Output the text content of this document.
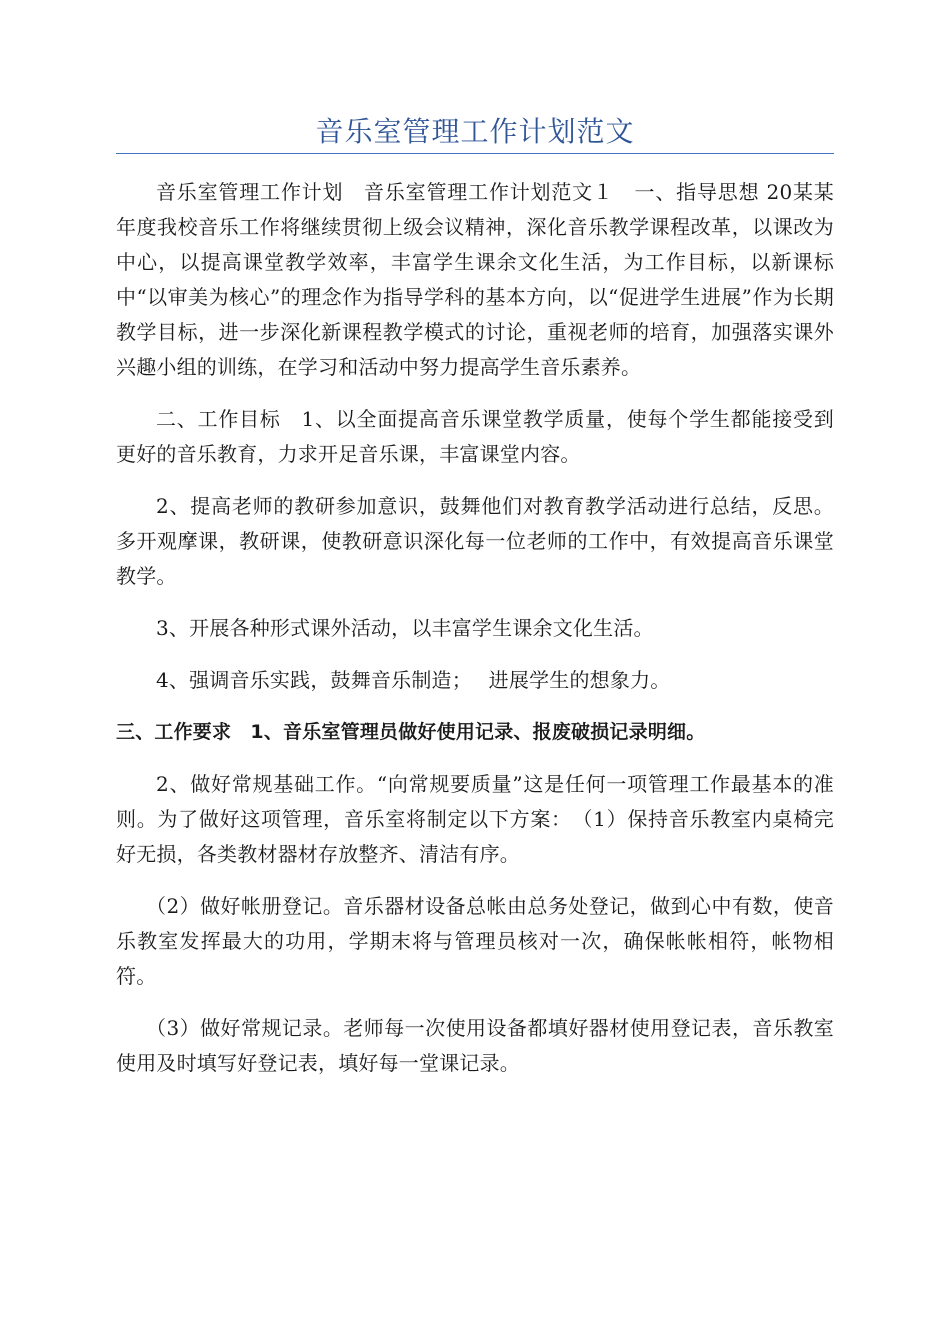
音乐室管理工作计划范文

音乐室管理工作计划　音乐室管理工作计划范文１　一、指导思想 20某某年度我校音乐工作将继续贯彻上级会议精神，深化音乐教学课程改革，以课改为中心，以提高课堂教学效率，丰富学生课余文化生活，为工作目标，以新课标中“以审美为核心”的理念作为指导学科的基本方向，以“促进学生进展”作为长期教学目标，进一步深化新课程教学模式的讨论，重视老师的培育，加强落实课外兴趣小组的训练，在学习和活动中努力提高学生音乐素养。

二、工作目标　1、以全面提高音乐课堂教学质量，使每个学生都能接受到更好的音乐教育，力求开足音乐课，丰富课堂内容。

2、提高老师的教研参加意识，鼓舞他们对教育教学活动进行总结，反思。多开观摩课，教研课，使教研意识深化每一位老师的工作中，有效提高音乐课堂教学。

3、开展各种形式课外活动，以丰富学生课余文化生活。

4、强调音乐实践，鼓舞音乐制造；　 进展学生的想象力。

三、工作要求　1、音乐室管理员做好使用记录、报废破损记录明细。

2、做好常规基础工作。“向常规要质量”这是任何一项管理工作最基本的准则。为了做好这项管理，音乐室将制定以下方案：　（1）保持音乐教室内桌椅完好无损，各类教材器材存放整齐、清洁有序。

（2）做好帐册登记。音乐器材设备总帐由总务处登记，做到心中有数，使音乐教室发挥最大的功用，学期末将与管理员核对一次，确保帐帐相符，帐物相符。

（3）做好常规记录。老师每一次使用设备都填好器材使用登记表，音乐教室使用及时填写好登记表，填好每一堂课记录。
